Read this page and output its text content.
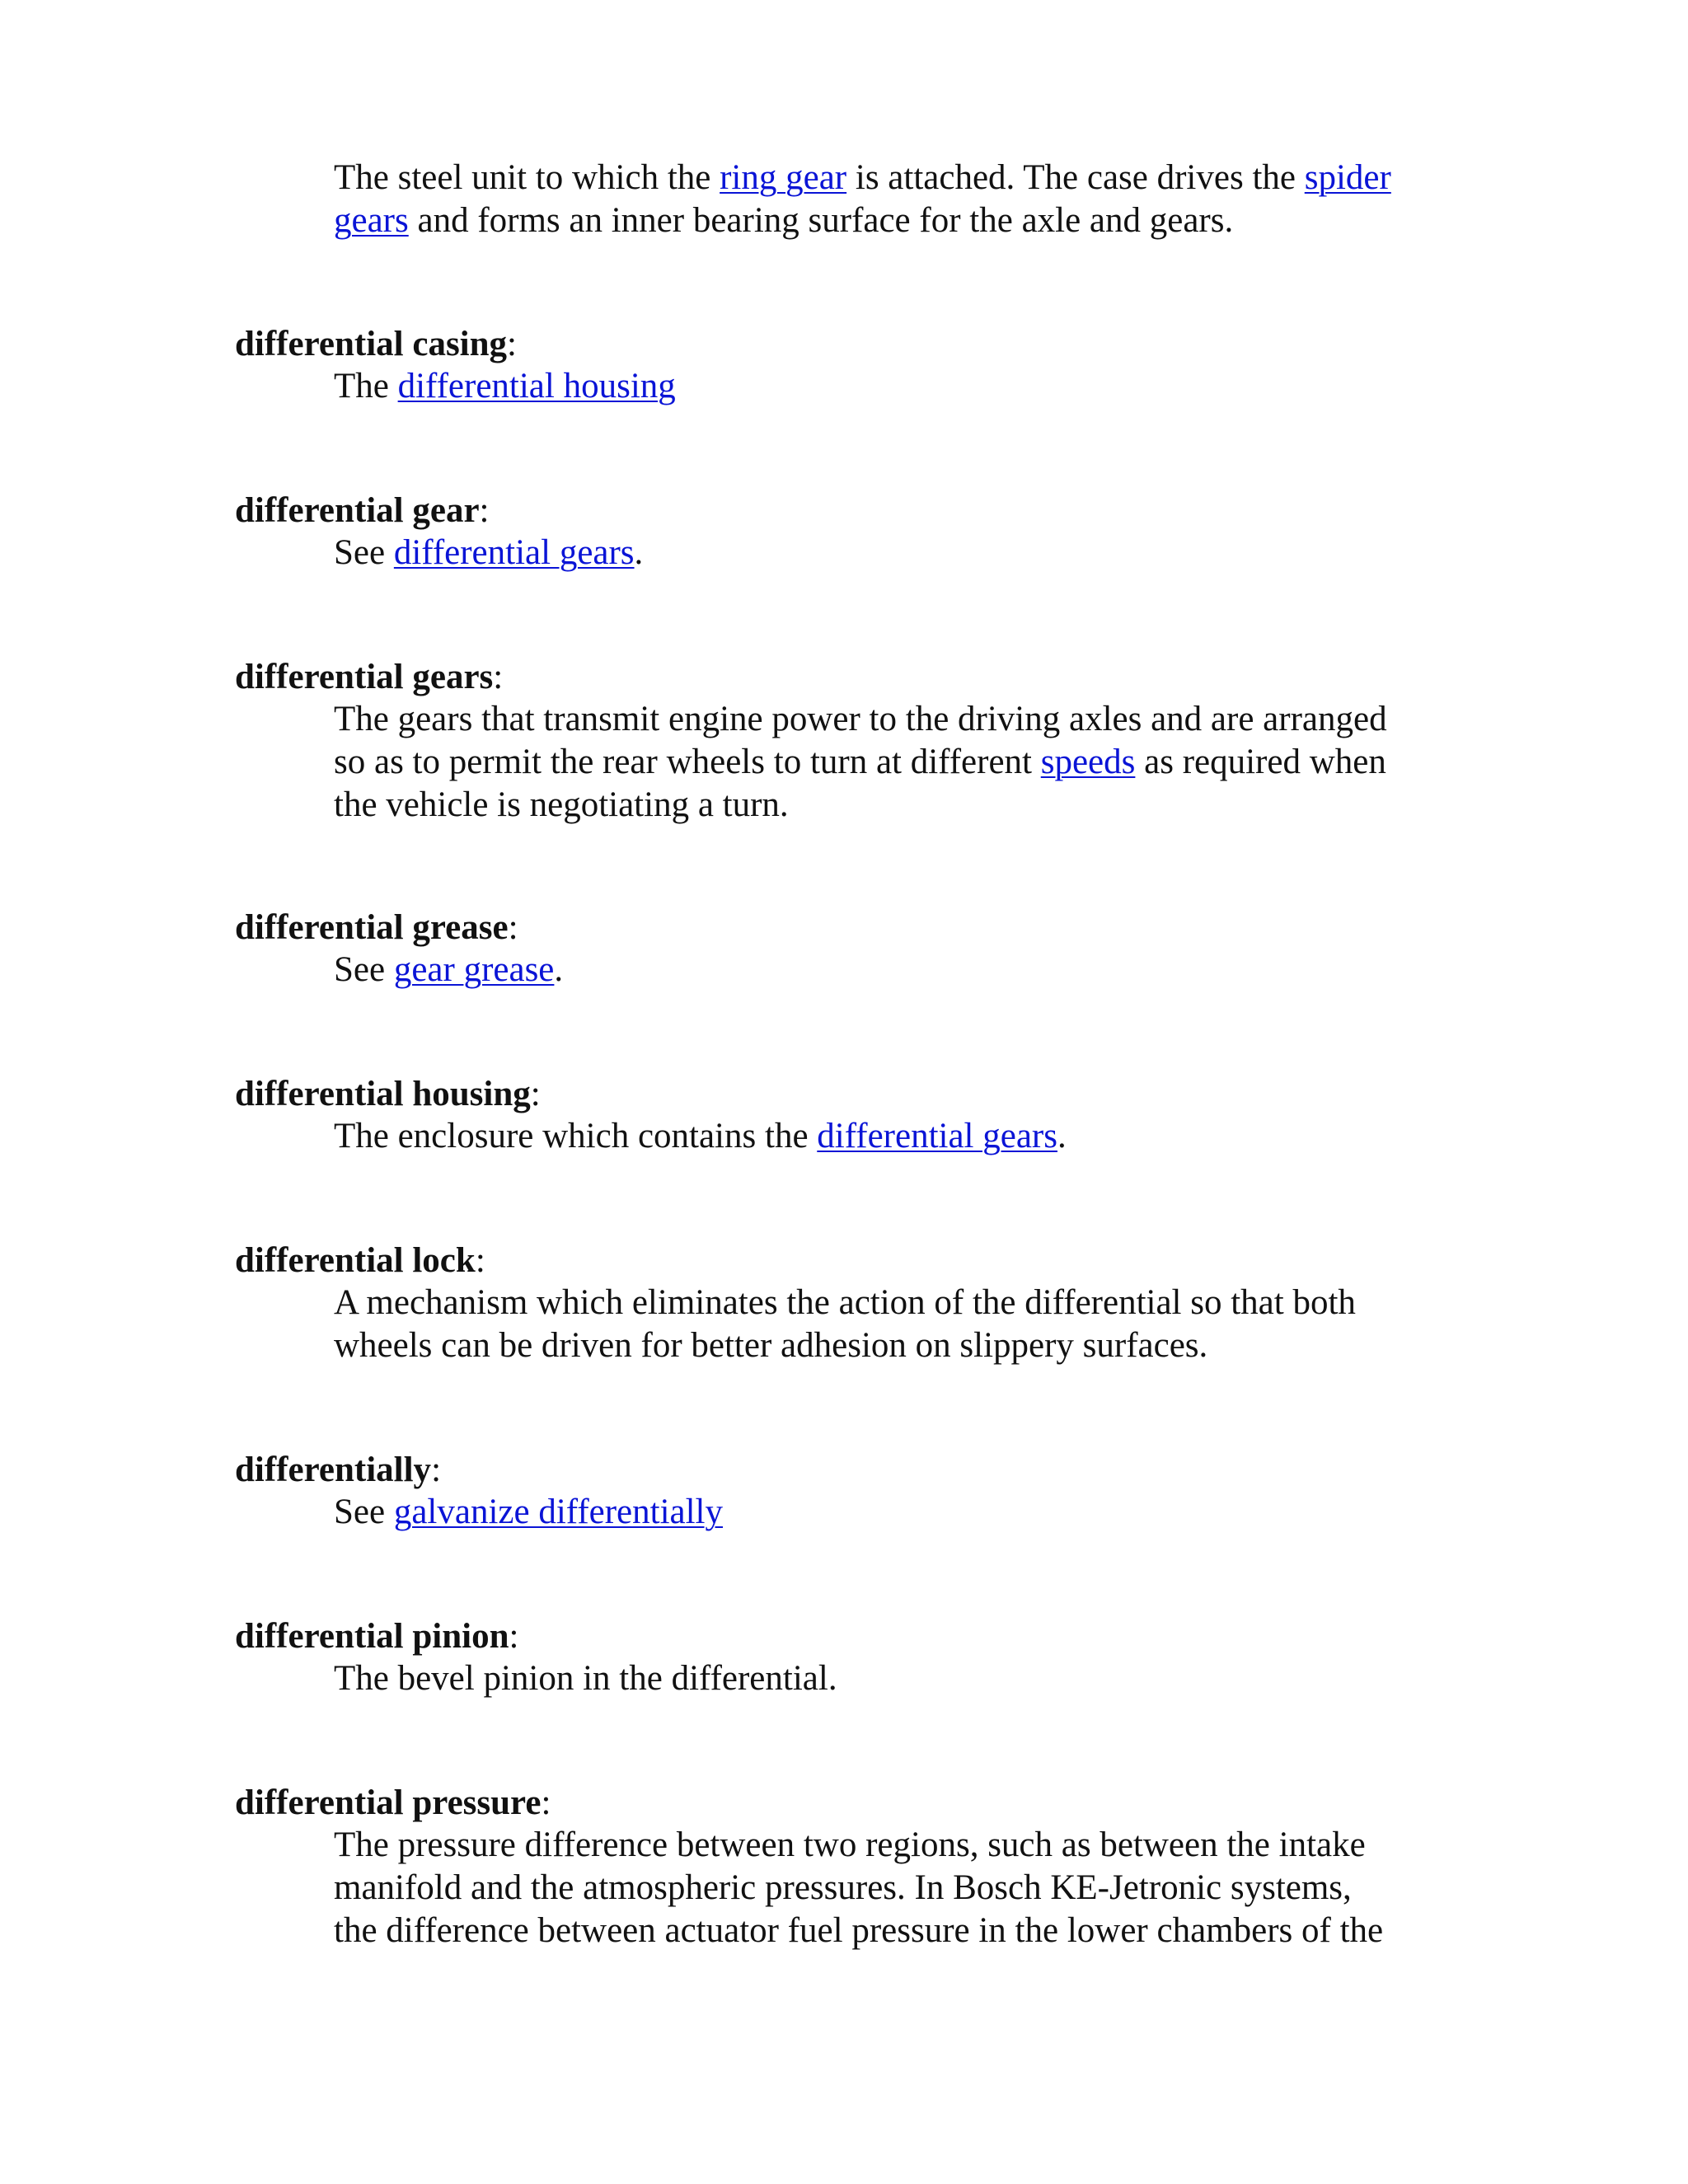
The steel unit to which the ring gear is attached. The case drives the spider
gears and forms an inner bearing surface for the axle and gears.
differential casing:
The differential housing
differential gear:
See differential gears.
differential gears:
The gears that transmit engine power to the driving axles and are arranged
so as to permit the rear wheels to turn at different speeds as required when
the vehicle is negotiating a turn.
differential grease:
See gear grease.
differential housing:
The enclosure which contains the differential gears.
differential lock:
A mechanism which eliminates the action of the differential so that both
wheels can be driven for better adhesion on slippery surfaces.
differentially:
See galvanize differentially
differential pinion:
The bevel pinion in the differential.
differential pressure:
The pressure difference between two regions, such as between the intake
manifold and the atmospheric pressures. In Bosch KE-Jetronic systems,
the difference between actuator fuel pressure in the lower chambers of the
